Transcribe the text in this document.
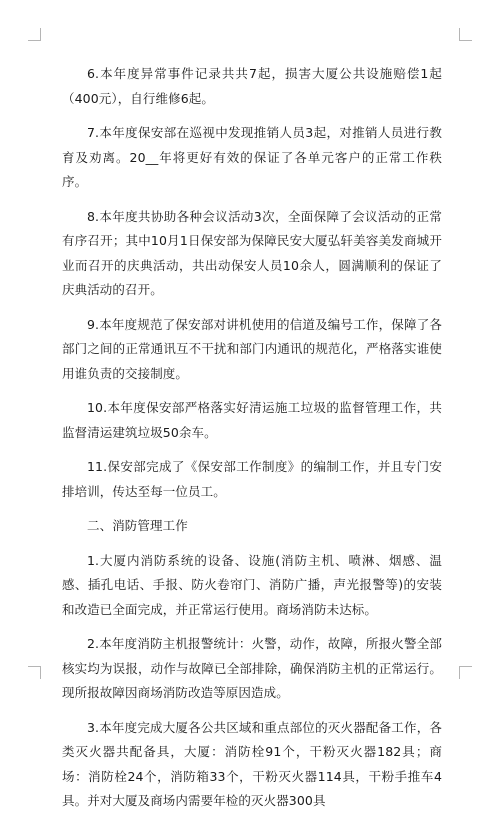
6.本年度异常事件记录共共7起，损害大厦公共设施赔偿1起（400元），自行维修6起。

7.本年度保安部在巡视中发现推销人员3起，对推销人员进行教育及劝离。20__年将更好有效的保证了各单元客户的正常工作秩序。

8.本年度共协助各种会议活动3次，全面保障了会议活动的正常有序召开；其中10月1日保安部为保障民安大厦弘轩美容美发商城开业而召开的庆典活动，共出动保安人员10余人，圆满顺利的保证了庆典活动的召开。

9.本年度规范了保安部对讲机使用的信道及编号工作，保障了各部门之间的正常通讯互不干扰和部门内通讯的规范化，严格落实谁使用谁负责的交接制度。

10.本年度保安部严格落实好清运施工垃圾的监督管理工作，共监督清运建筑垃圾50余车。

11.保安部完成了《保安部工作制度》的编制工作，并且专门安排培训，传达至每一位员工。

二、消防管理工作

1.大厦内消防系统的设备、设施(消防主机、喷淋、烟感、温感、插孔电话、手报、防火卷帘门、消防广播，声光报警等)的安装和改造已全面完成，并正常运行使用。商场消防未达标。

2.本年度消防主机报警统计：火警，动作，故障，所报火警全部核实均为误报，动作与故障已全部排除，确保消防主机的正常运行。现所报故障因商场消防改造等原因造成。

3.本年度完成大厦各公共区域和重点部位的灭火器配备工作，各类灭火器共配备具，大厦：消防栓91个，干粉灭火器182具；商场：消防栓24个，消防箱33个，干粉灭火器114具，干粉手推车4具。并对大厦及商场内需要年检的灭火器300具
